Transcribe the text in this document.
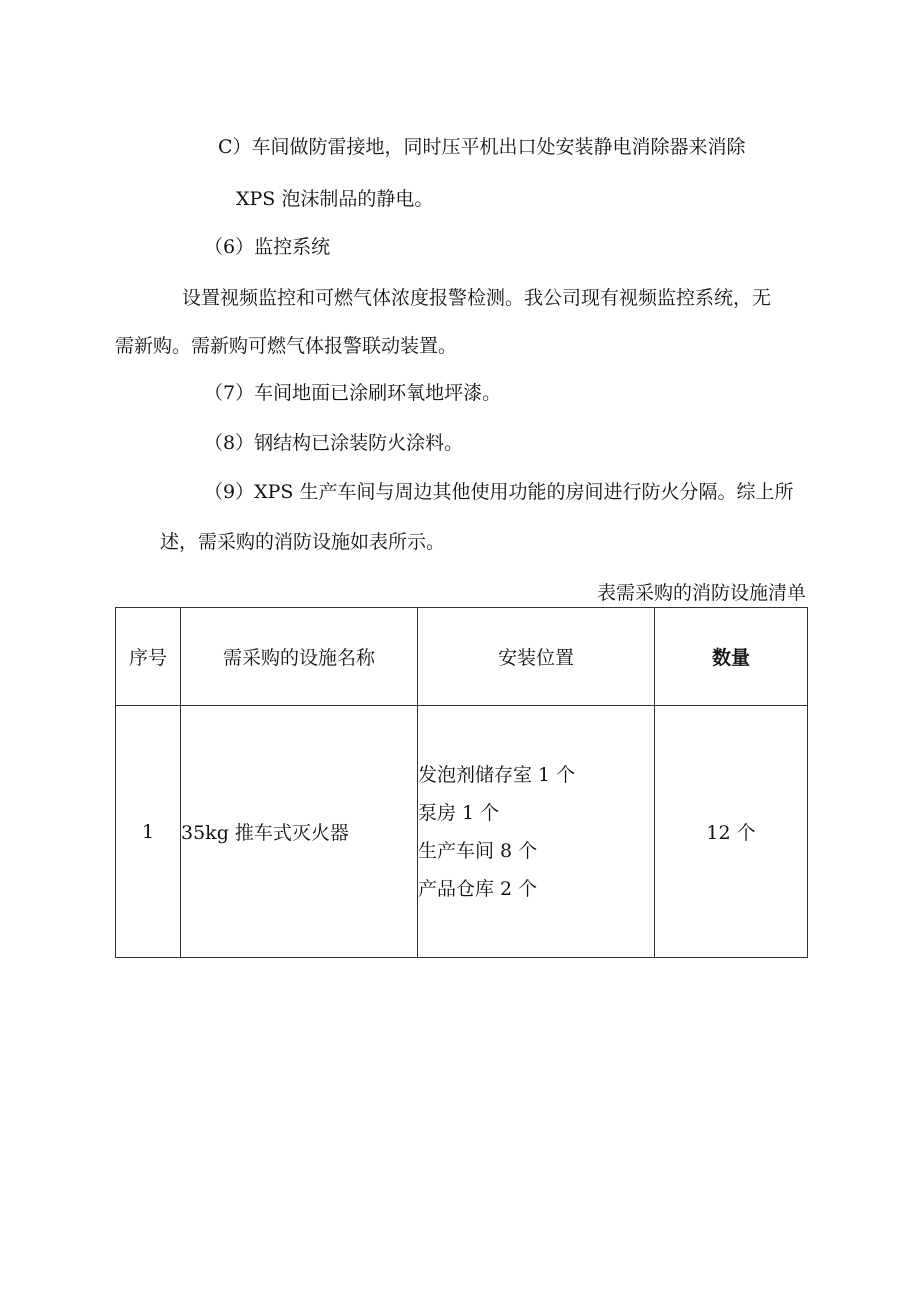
C）车间做防雷接地，同时压平机出口处安装静电消除器来消除

XPS 泡沫制品的静电。

（6）监控系统

设置视频监控和可燃气体浓度报警检测。我公司现有视频监控系统，无

需新购。需新购可燃气体报警联动装置。

（7）车间地面已涂刷环氧地坪漆。

（8）钢结构已涂装防火涂料。

（9）XPS 生产车间与周边其他使用功能的房间进行防火分隔。综上所

述，需采购的消防设施如表所示。

表需采购的消防设施清单
序号	需采购的设施名称	安装位置	数量
1	35kg 推车式灭火器	发泡剂储存室 1 个
泵房 1 个
生产车间 8 个
产品仓库 2 个	12 个
